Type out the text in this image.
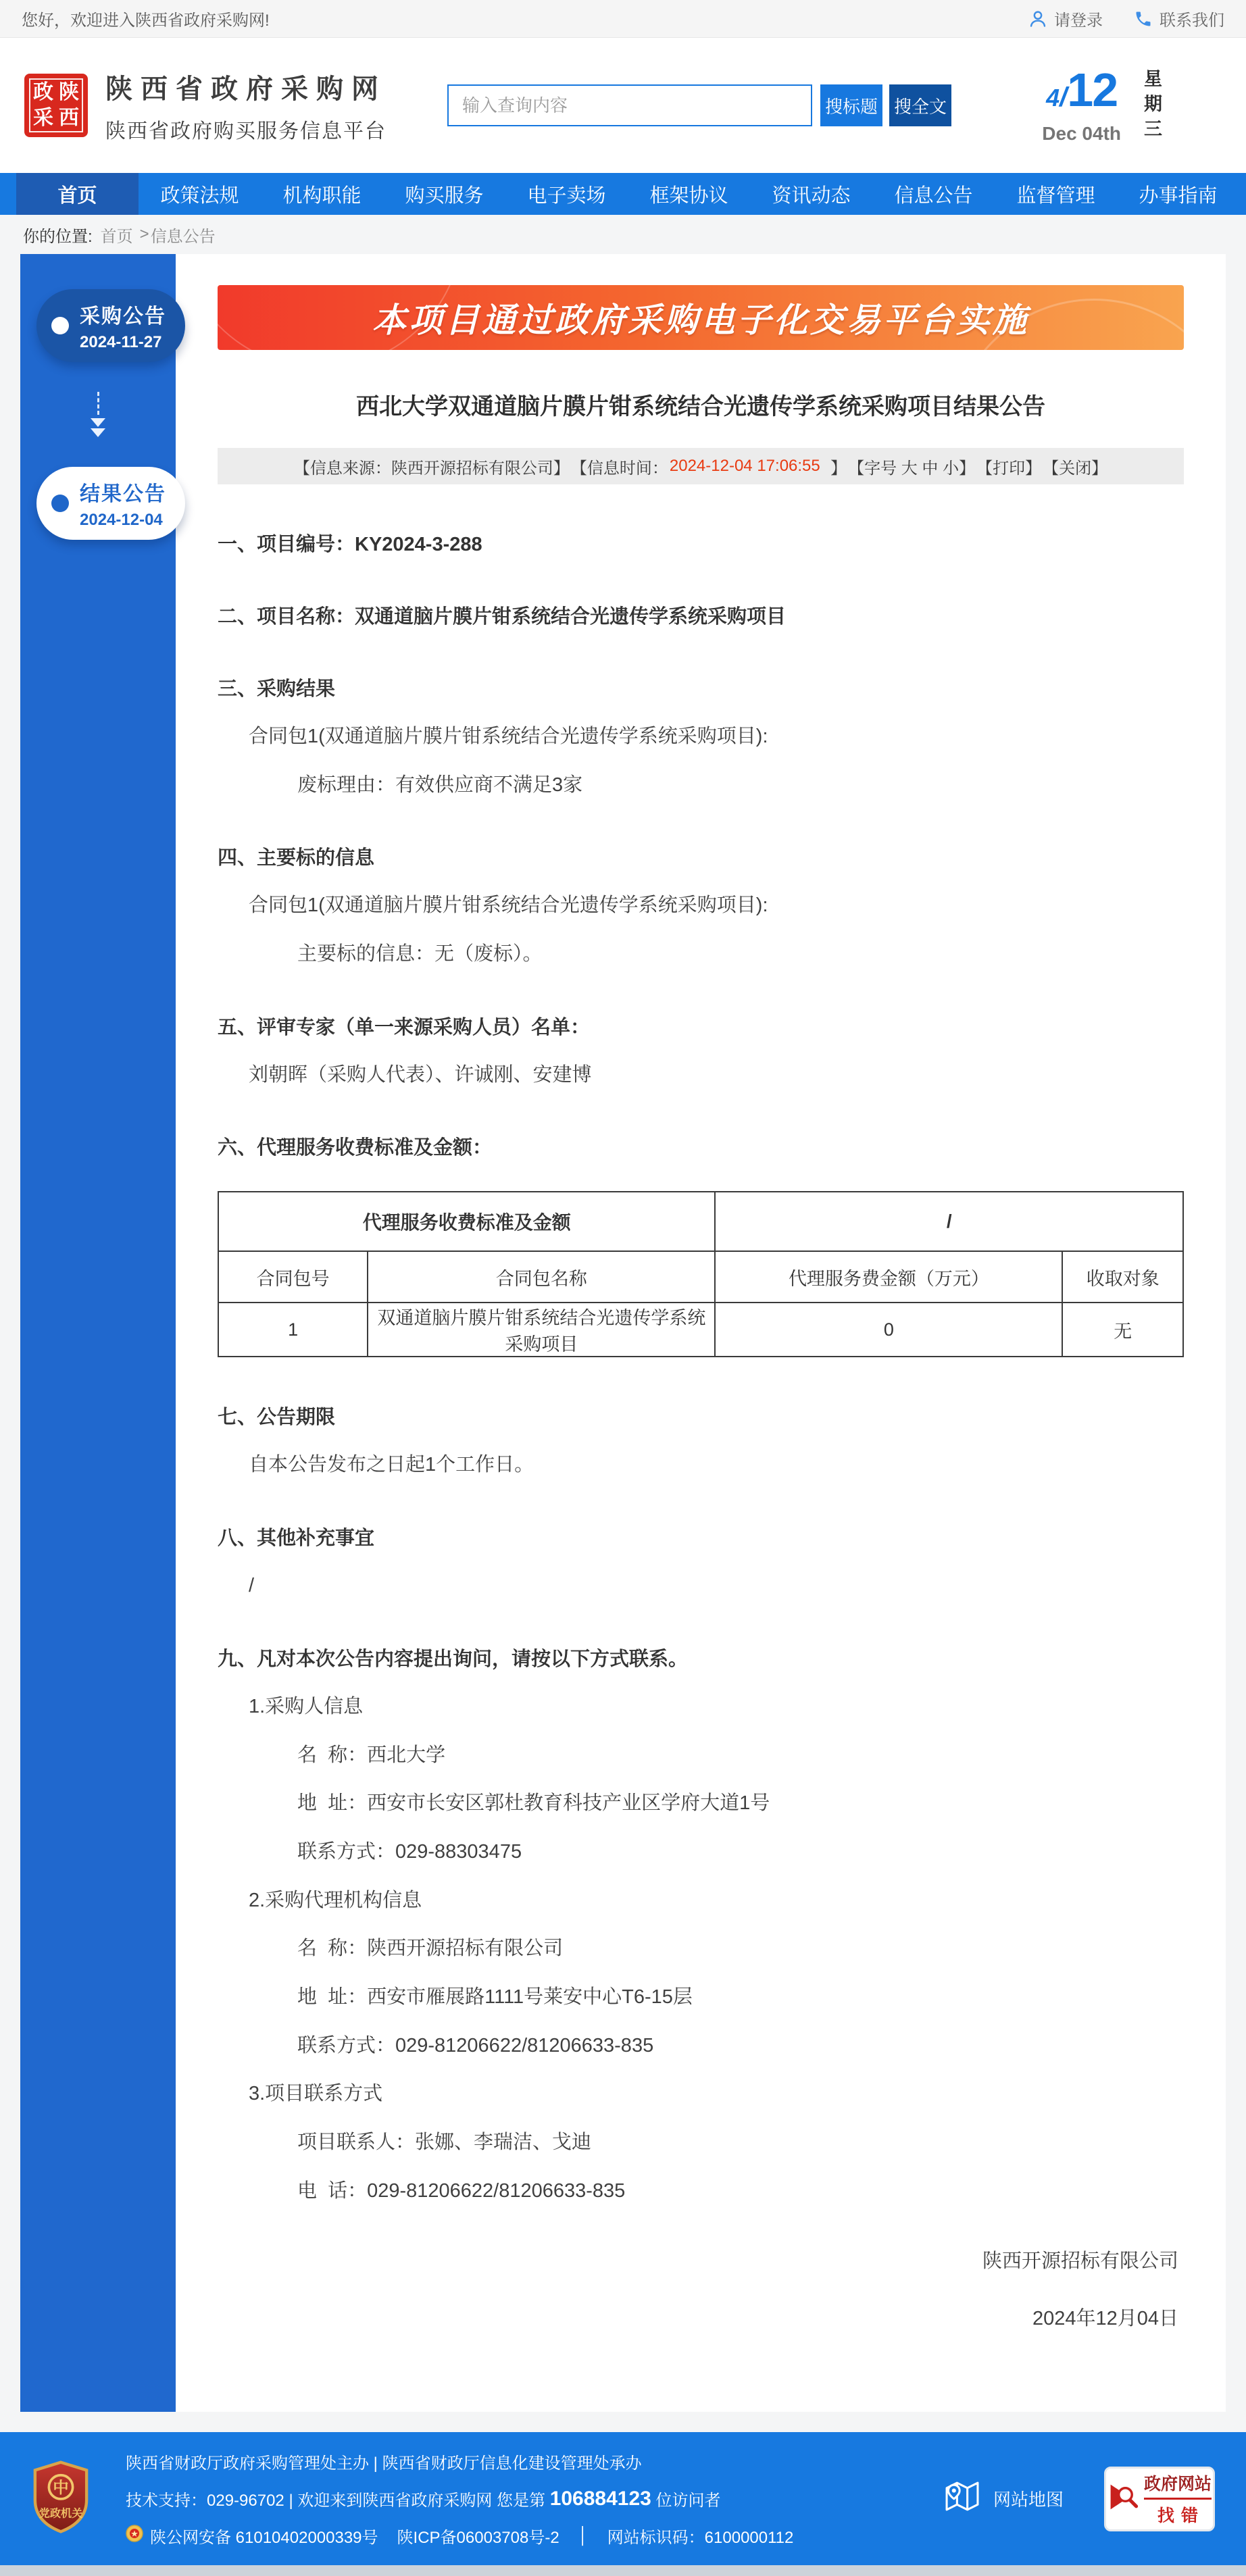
您好，欢迎进入陕西省政府采购网!	请登录	联系我们
政 陕
采 西
陕西省政府采购网
陕西省政府购买服务信息平台
输入查询内容
搜标题 搜全文	4/12
Dec 04th 星期三
首页	政策法规	机构职能	购买服务	电子卖场	框架协议	资讯动态	信息公告	监督管理	办事指南
你的位置: 首页 > 信息公告
采购公告
2024-11-27
结果公告
2024-12-04
本项目通过政府采购电子化交易平台实施
西北大学双通道脑片膜片钳系统结合光遗传学系统采购项目结果公告
【信息来源：陕西开源招标有限公司】 【信息时间： 2024-12-04 17:06:55 】 【字号 大 中 小】 【打印】 【关闭】
一、项目编号：KY2024-3-288
二、项目名称：双通道脑片膜片钳系统结合光遗传学系统采购项目
三、采购结果

合同包1(双通道脑片膜片钳系统结合光遗传学系统采购项目):

废标理由：有效供应商不满足3家

四、主要标的信息

合同包1(双通道脑片膜片钳系统结合光遗传学系统采购项目):

主要标的信息：无（废标）。

五、评审专家（单一来源采购人员）名单：

刘朝晖（采购人代表）、许诚刚、安建博

六、代理服务收费标准及金额：
代理服务收费标准及金额		/	
合同包号	合同包名称	代理服务费金额（万元）	收取对象
1	双通道脑片膜片钳系统结合光遗传学系统采购项目	0	无
七、公告期限

自本公告发布之日起1个工作日。

八、其他补充事宜

/

九、凡对本次公告内容提出询问，请按以下方式联系。

1.采购人信息

名  称：西北大学

地  址：西安市长安区郭杜教育科技产业区学府大道1号

联系方式：029-88303475

2.采购代理机构信息

名  称：陕西开源招标有限公司

地  址：西安市雁展路1111号莱安中心T6-15层

联系方式：029-81206622/81206633-835

3.项目联系方式

项目联系人：张娜、李瑞洁、戈迪

电  话：029-81206622/81206633-835

陕西开源招标有限公司

2024年12月04日

中
党政机关
陕西省财政厅政府采购管理处主办 | 陕西省财政厅信息化建设管理处承办
技术支持：029-96702 | 欢迎来到陕西省政府采购网 您是第 106884123 位访问者
陕公网安备 61010402000339号 陕ICP备06003708号-2 │ 网站标识码：6100000112
网站地图
政府网站
找错
